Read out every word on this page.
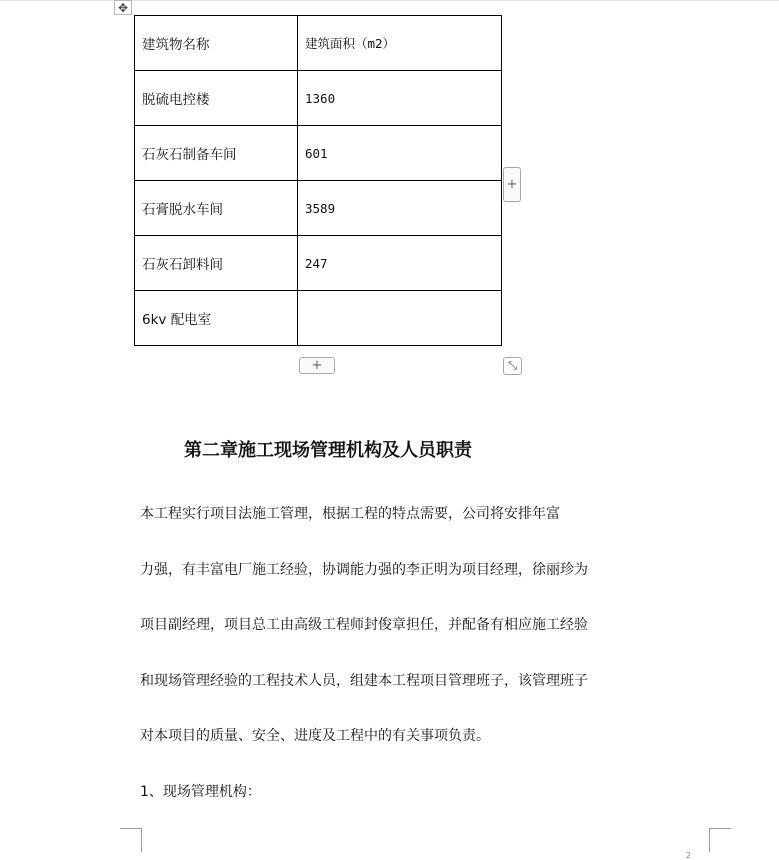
✥
建筑物名称	建筑面积（m2）
脱硫电控楼	1360
石灰石制备车间	601
石膏脱水车间	3589
石灰石卸料间	247
6kv 配电室	
+
+	⤡
第二章施工现场管理机构及人员职责

本工程实行项目法施工管理，根据工程的特点需要，公司将安排年富

力强，有丰富电厂施工经验，协调能力强的李正明为项目经理，徐丽珍为

项目副经理，项目总工由高级工程师封俊章担任，并配备有相应施工经验

和现场管理经验的工程技术人员，组建本工程项目管理班子，该管理班子

对本项目的质量、安全、进度及工程中的有关事项负责。

1、现场管理机构：

2
